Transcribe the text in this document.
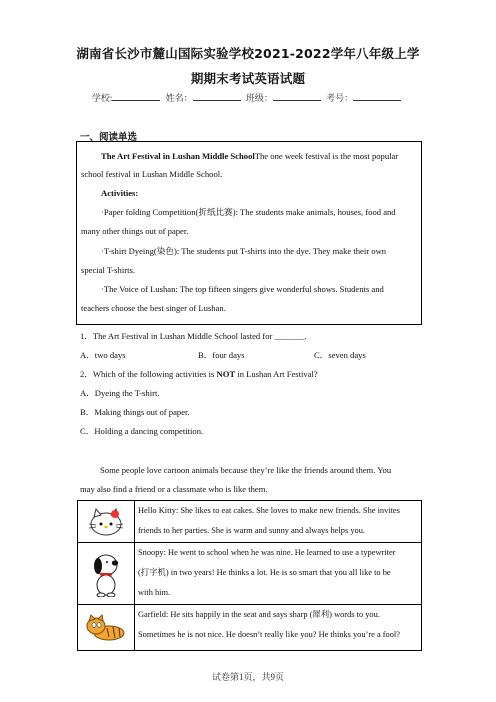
湖南省长沙市麓山国际实验学校2021-2022学年八年级上学
期期末考试英语试题
学校:	姓名：	班级：	考号：
一、阅读单选
The Art Festival in Lushan Middle SchoolThe one week festival is the most popular
school festival in Lushan Middle School.
Activities:
·Paper folding Competition(折纸比赛): The students make animals, houses, food and
many other things out of paper.
·T-shirt Dyeing(染色): The students put T-shirts into the dye. They make their own
special T-shirts.
·The Voice of Lushan: The top fifteen singers give wonderful shows. Students and
teachers choose the best singer of Lushan.
1．The Art Festival in Lushan Middle School lasted for _______.
A．two days	B．four days	C．seven days
2．Which of the following activities is NOT in Lushan Art Festival?
A．Dyeing the T-shirt.
B．Making things out of paper.
C．Holding a dancing competition.
Some people love cartoon animals because they’re like the friends around them. You
may also find a friend or a classmate who is like them.

Hello Kitty: She likes to eat cakes. She loves to make new friends. She invites
friends to her parties. She is warm and sunny and always helps you.

Snoopy: He went to school when he was nine. He learned to use a typewriter
(打字机) in two years! He thinks a lot. He is so smart that you all like to be
with him.

Garfield: He sits happily in the seat and says sharp (犀利) words to you.
Sometimes he is not nice. He doesn’t really like you? He thinks you’re a fool?
试卷第1页，共9页
